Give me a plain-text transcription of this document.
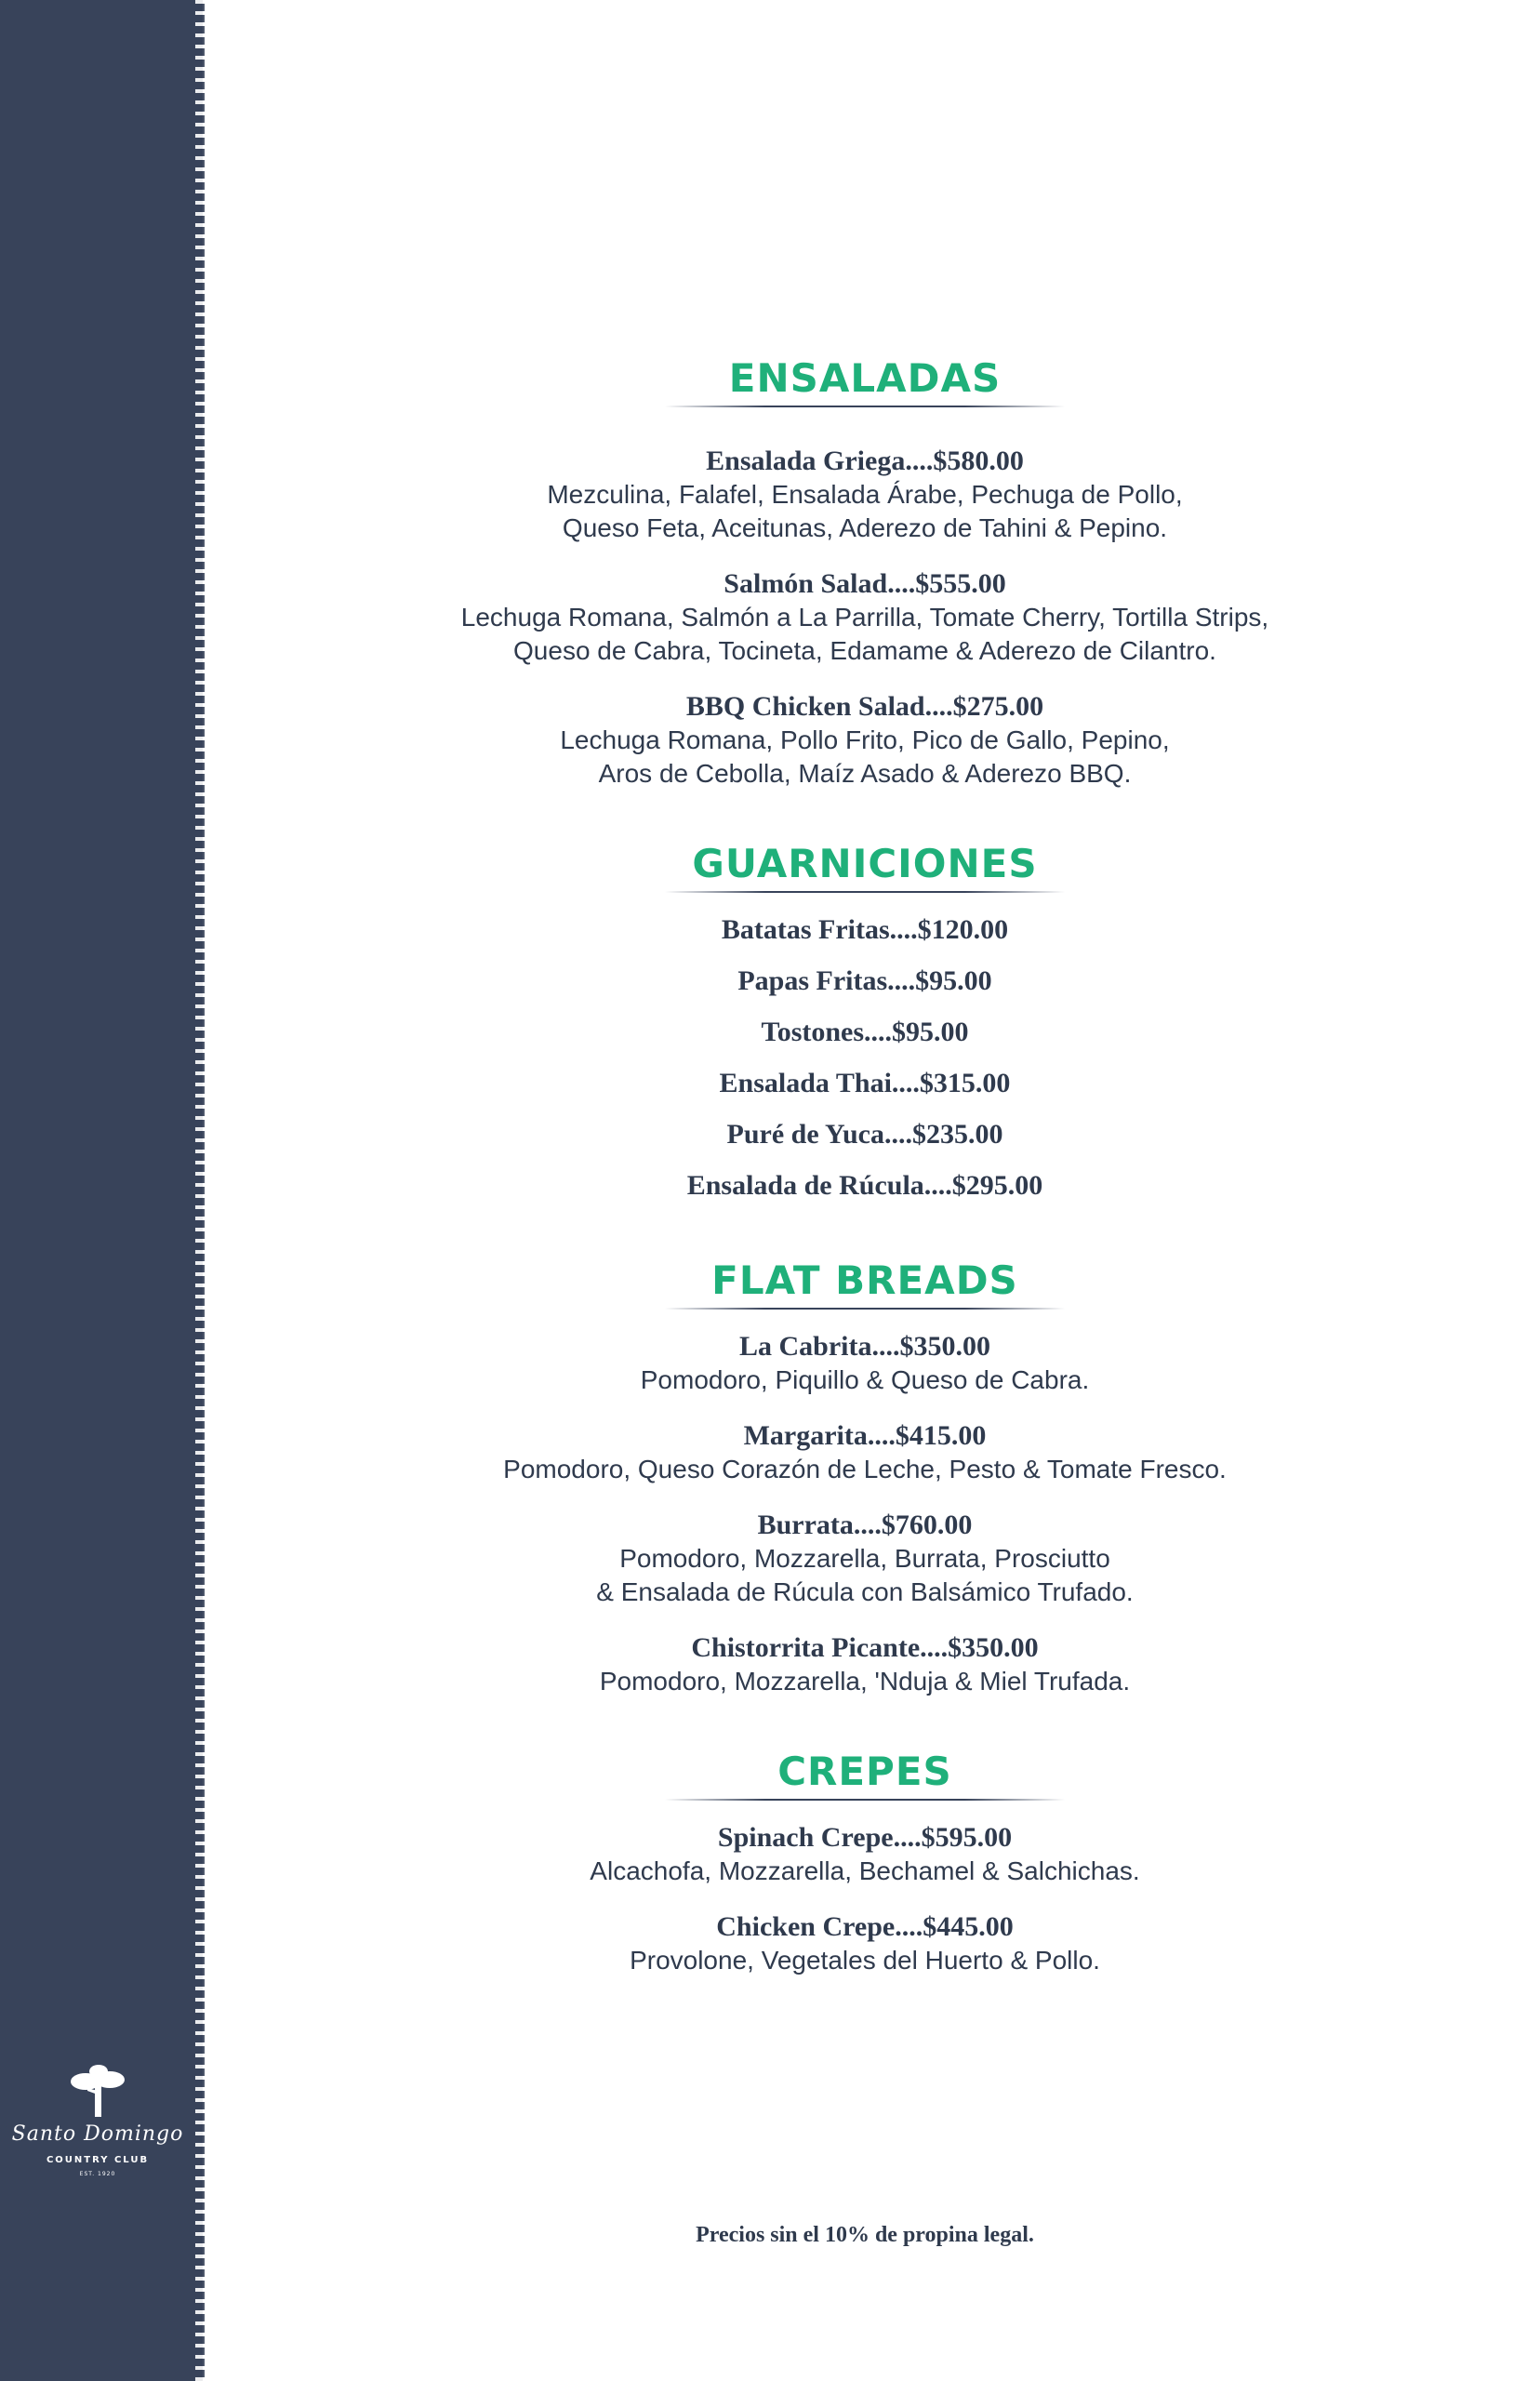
Santo Domingo
COUNTRY CLUB
EST. 1920
ENSALADAS
Ensalada Griega....$580.00
Mezculina, Falafel, Ensalada Árabe, Pechuga de Pollo,
Queso Feta, Aceitunas, Aderezo de Tahini & Pepino.
Salmón Salad....$555.00
Lechuga Romana, Salmón a La Parrilla, Tomate Cherry, Tortilla Strips,
Queso de Cabra, Tocineta, Edamame & Aderezo de Cilantro.
BBQ Chicken Salad....$275.00
Lechuga Romana, Pollo Frito, Pico de Gallo, Pepino,
Aros de Cebolla, Maíz Asado & Aderezo BBQ.
GUARNICIONES
Batatas Fritas....$120.00
Papas Fritas....$95.00
Tostones....$95.00
Ensalada Thai....$315.00
Puré de Yuca....$235.00
Ensalada de Rúcula....$295.00
FLAT BREADS
La Cabrita....$350.00
Pomodoro, Piquillo & Queso de Cabra.
Margarita....$415.00
Pomodoro, Queso Corazón de Leche, Pesto & Tomate Fresco.
Burrata....$760.00
Pomodoro, Mozzarella, Burrata, Prosciutto
& Ensalada de Rúcula con Balsámico Trufado.
Chistorrita Picante....$350.00
Pomodoro, Mozzarella, 'Nduja & Miel Trufada.
CREPES
Spinach Crepe....$595.00
Alcachofa, Mozzarella, Bechamel & Salchichas.
Chicken Crepe....$445.00
Provolone, Vegetales del Huerto & Pollo.
Precios sin el 10% de propina legal.
